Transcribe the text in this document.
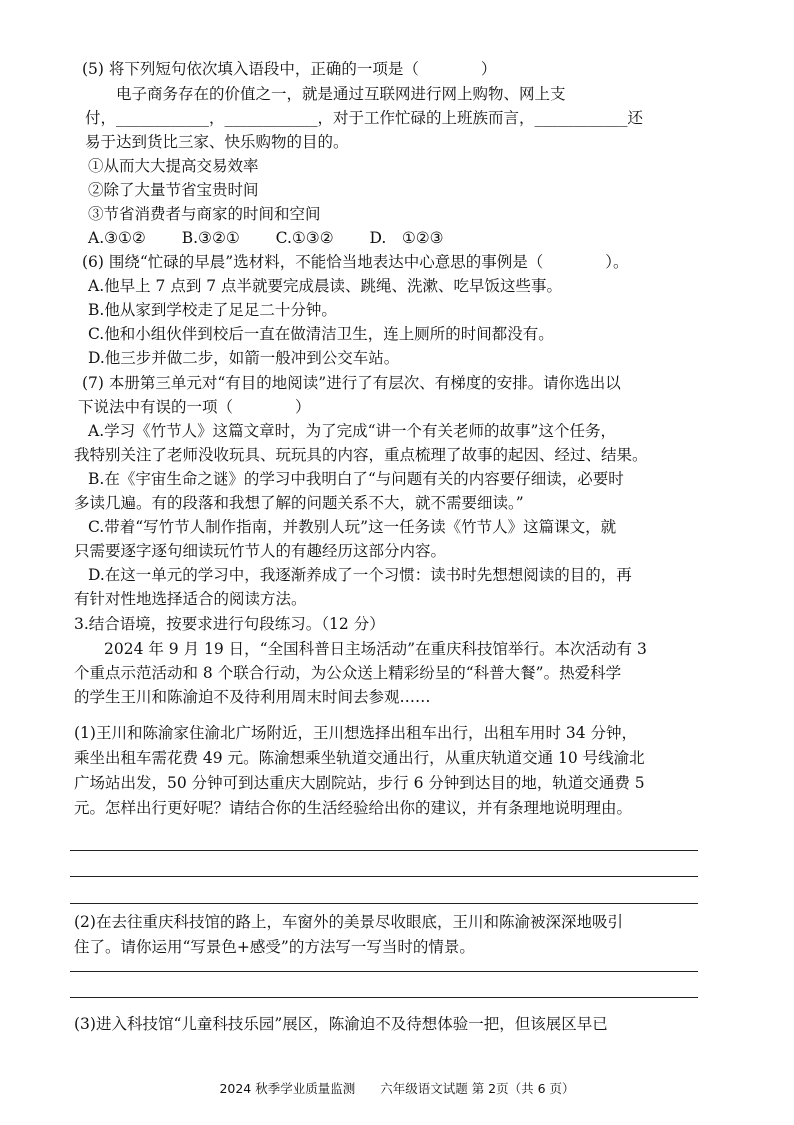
(5) 将下列短句依次填入语段中，正确的一项是（　　　　）
电子商务存在的价值之一，就是通过互联网进行网上购物、网上支
付，____________，____________，对于工作忙碌的上班族而言，____________还
易于达到货比三家、快乐购物的目的。
①从而大大提高交易效率
②除了大量节省宝贵时间
③节省消费者与商家的时间和空间
A.③①②　　 B.③②①　　 C.①③②　　 D.　①②③
(6) 围绕“忙碌的早晨”选材料，不能恰当地表达中心意思的事例是（　　　　）。
A.他早上 7 点到 7 点半就要完成晨读、跳绳、洗漱、吃早饭这些事。
B.他从家到学校走了足足二十分钟。
C.他和小组伙伴到校后一直在做清洁卫生，连上厕所的时间都没有。
D.他三步并做二步，如箭一般冲到公交车站。
(7) 本册第三单元对“有目的地阅读”进行了有层次、有梯度的安排。请你选出以
下说法中有误的一项（　　　　）
A.学习《竹节人》这篇文章时，为了完成“讲一个有关老师的故事”这个任务，
我特别关注了老师没收玩具、玩玩具的内容，重点梳理了故事的起因、经过、结果。
B.在《宇宙生命之谜》的学习中我明白了“与问题有关的内容要仔细读，必要时
多读几遍。有的段落和我想了解的问题关系不大，就不需要细读。”
C.带着“写竹节人制作指南，并教别人玩”这一任务读《竹节人》这篇课文，就
只需要逐字逐句细读玩竹节人的有趣经历这部分内容。
D.在这一单元的学习中，我逐渐养成了一个习惯：读书时先想想阅读的目的，再
有针对性地选择适合的阅读方法。
3.结合语境，按要求进行句段练习。（12 分）
2024 年 9 月 19 日，“全国科普日主场活动”在重庆科技馆举行。本次活动有 3
个重点示范活动和 8 个联合行动，为公众送上精彩纷呈的“科普大餐”。热爱科学
的学生王川和陈渝迫不及待利用周末时间去参观……
(1)王川和陈渝家住渝北广场附近，王川想选择出租车出行，出租车用时 34 分钟，
乘坐出租车需花费 49 元。陈渝想乘坐轨道交通出行，从重庆轨道交通 10 号线渝北
广场站出发，50 分钟可到达重庆大剧院站，步行 6 分钟到达目的地，轨道交通费 5
元。怎样出行更好呢？请结合你的生活经验给出你的建议，并有条理地说明理由。
(2)在去往重庆科技馆的路上，车窗外的美景尽收眼底，王川和陈渝被深深地吸引
住了。请你运用“写景色+感受”的方法写一写当时的情景。
(3)进入科技馆“儿童科技乐园”展区，陈渝迫不及待想体验一把，但该展区早已
2024 秋季学业质量监测　　六年级语文试题 第 2页（共 6 页）
